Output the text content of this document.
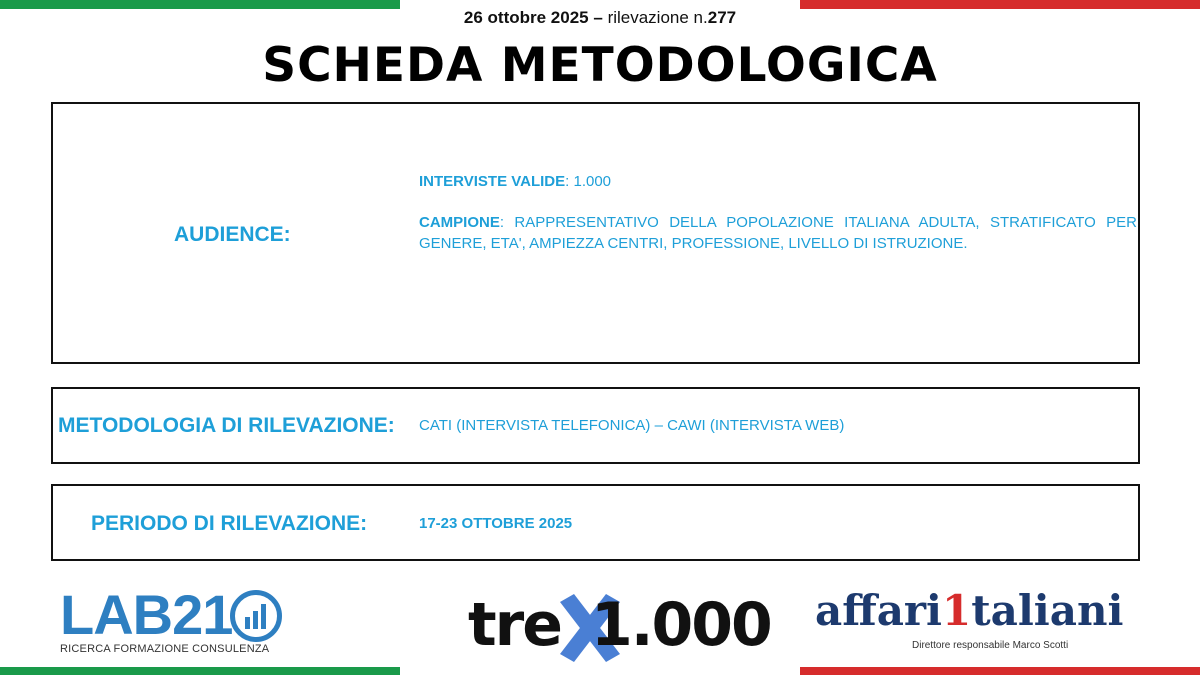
26 ottobre 2025 – rilevazione n.277
SCHEDA METODOLOGICA
AUDIENCE:
INTERVISTE VALIDE: 1.000
CAMPIONE: RAPPRESENTATIVO DELLA POPOLAZIONE ITALIANA ADULTA, STRATIFICATO PER GENERE, ETA', AMPIEZZA CENTRI, PROFESSIONE, LIVELLO DI ISTRUZIONE.
METODOLOGIA DI RILEVAZIONE: CATI (INTERVISTA TELEFONICA) – CAWI (INTERVISTA WEB)
PERIODO DI RILEVAZIONE:	17-23 OTTOBRE 2025
LAB21
RICERCA FORMAZIONE CONSULENZA	tre 1.000 affari1taliani
Direttore responsabile Marco Scotti
